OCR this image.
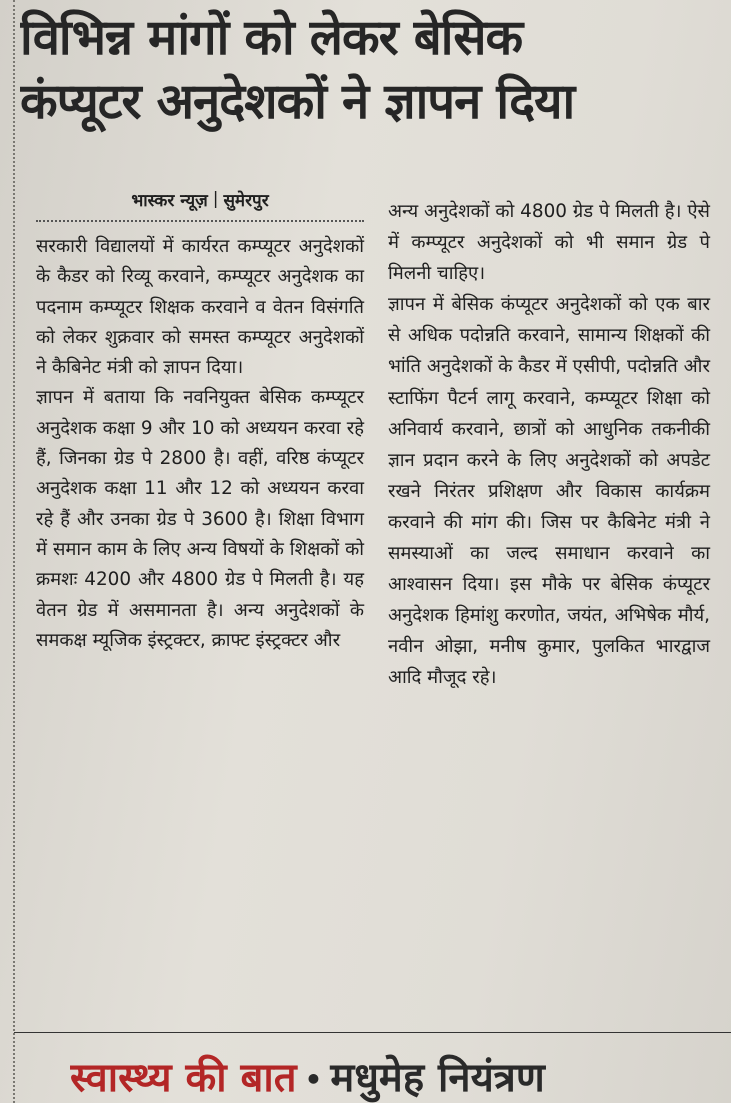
विभिन्न मांगों को लेकर बेसिक
कंप्यूटर अनुदेशकों ने ज्ञापन दिया
भास्कर न्यूज़ | सुमेरपुर
सरकारी विद्यालयों में कार्यरत कम्प्यूटर अनुदेशकों के कैडर को रिव्यू करवाने, कम्प्यूटर अनुदेशक का पदनाम कम्प्यूटर शिक्षक करवाने व वेतन विसंगति को लेकर शुक्रवार को समस्त कम्प्यूटर अनुदेशकों ने कैबिनेट मंत्री को ज्ञापन दिया।
ज्ञापन में बताया कि नवनियुक्त बेसिक कम्प्यूटर अनुदेशक कक्षा 9 और 10 को अध्ययन करवा रहे हैं, जिनका ग्रेड पे 2800 है। वहीं, वरिष्ठ कंप्यूटर अनुदेशक कक्षा 11 और 12 को अध्ययन करवा रहे हैं और उनका ग्रेड पे 3600 है। शिक्षा विभाग में समान काम के लिए अन्य विषयों के शिक्षकों को क्रमशः 4200 और 4800 ग्रेड पे मिलती है। यह वेतन ग्रेड में असमानता है। अन्य अनुदेशकों के समकक्ष म्यूजिक इंस्ट्रक्टर, क्राफ्ट इंस्ट्रक्टर और
अन्य अनुदेशकों को 4800 ग्रेड पे मिलती है। ऐसे में कम्प्यूटर अनुदेशकों को भी समान ग्रेड पे मिलनी चाहिए।
ज्ञापन में बेसिक कंप्यूटर अनुदेशकों को एक बार से अधिक पदोन्नति करवाने, सामान्य शिक्षकों की भांति अनुदेशकों के कैडर में एसीपी, पदोन्नति और स्टाफिंग पैटर्न लागू करवाने, कम्प्यूटर शिक्षा को अनिवार्य करवाने, छात्रों को आधुनिक तकनीकी ज्ञान प्रदान करने के लिए अनुदेशकों को अपडेट रखने निरंतर प्रशिक्षण और विकास कार्यक्रम करवाने की मांग की। जिस पर कैबिनेट मंत्री ने समस्याओं का जल्द समाधान करवाने का आश्वासन दिया। इस मौके पर बेसिक कंप्यूटर अनुदेशक हिमांशु करणोत, जयंत, अभिषेक मौर्य, नवीन ओझा, मनीष कुमार, पुलकित भारद्वाज आदि मौजूद रहे।
स्वास्थ्य की बात • मधुमेह नियंत्रण
